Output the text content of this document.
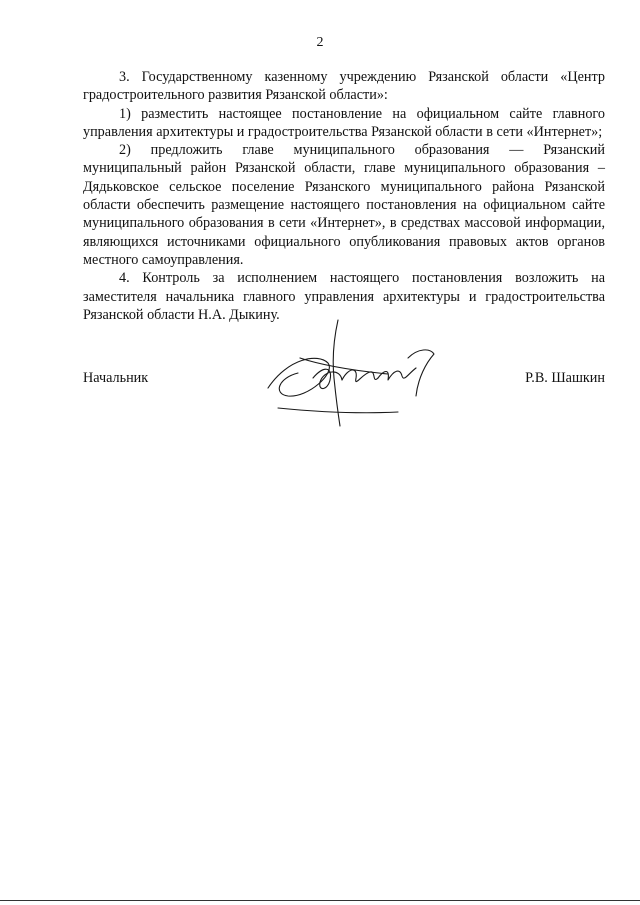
2

3. Государственному казенному учреждению Рязанской области «Центр градостроительного развития Рязанской области»:

1) разместить настоящее постановление на официальном сайте главного управления архитектуры и градостроительства Рязанской области в сети «Интернет»;

2) предложить главе муниципального образования — Рязанский муниципальный район Рязанской области, главе муниципального образования – Дядьковское сельское поселение Рязанского муниципального района Рязанской области обеспечить размещение настоящего постановления на официальном сайте муниципального образования в сети «Интернет», в средствах массовой информации, являющихся источниками официального опубликования правовых актов органов местного самоуправления.

4. Контроль за исполнением настоящего постановления возложить на заместителя начальника главного управления архитектуры и градостроительства Рязанской области Н.А. Дыкину.

Начальник	Р.В. Шашкин
